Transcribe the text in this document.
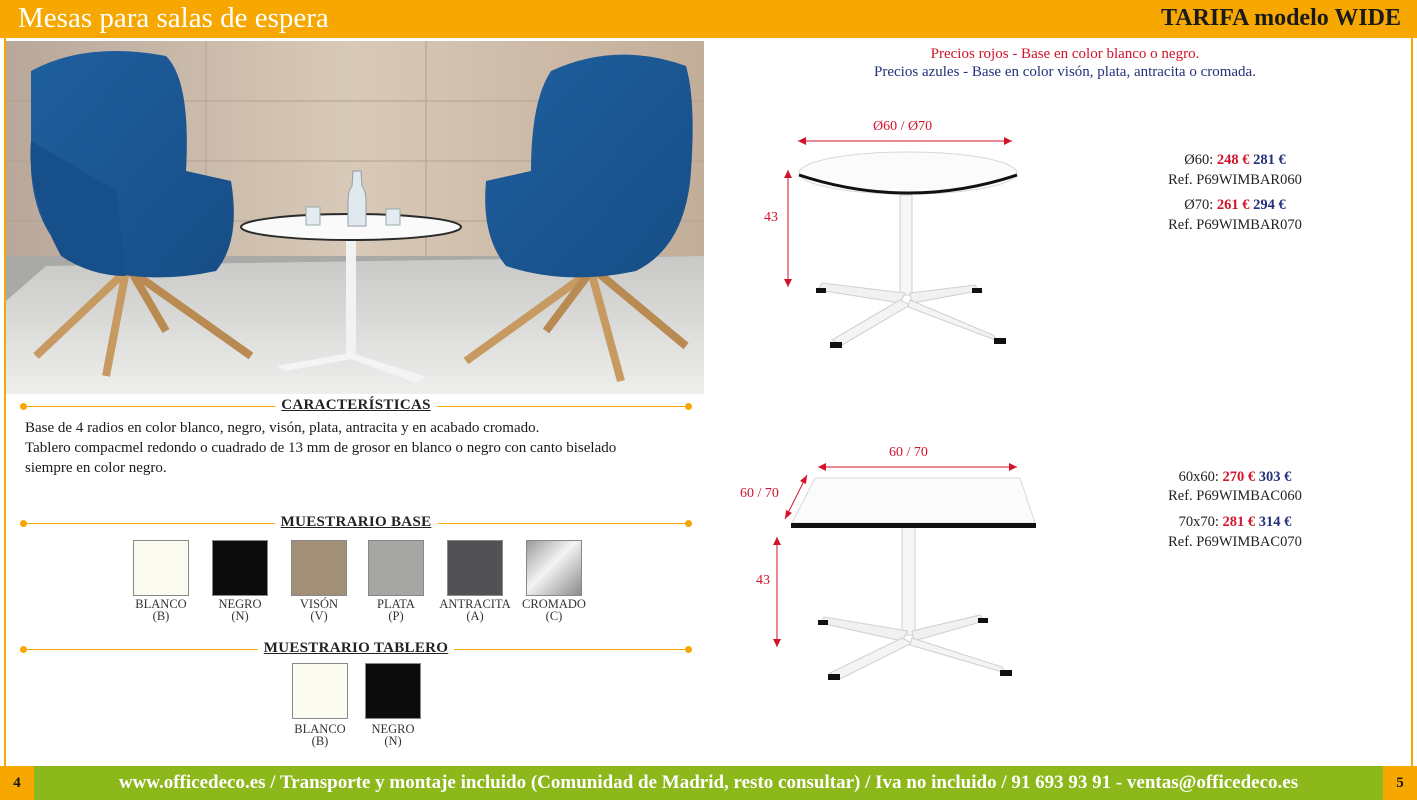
Mesas para salas de espera	TARIFA modelo WIDE
CARACTERÍSTICAS
Base de 4 radios en color blanco, negro, visón, plata, antracita y en acabado cromado.
Tablero compacmel redondo o cuadrado de 13 mm de grosor en blanco o negro con canto biselado
siempre en color negro.
MUESTRARIO BASE
BLANCO
(B)
NEGRO
(N)
VISÓN
(V)
PLATA
(P)
ANTRACITA
(A)
CROMADO
(C)
MUESTRARIO TABLERO
BLANCO
(B)
NEGRO
(N)
Precios rojos - Base en color blanco o negro.
Precios azules - Base en color visón, plata, antracita o cromada.
Ø60 / Ø70
43
Ø60: 248 € 281 €
Ref. P69WIMBAR060
Ø70: 261 € 294 €
Ref. P69WIMBAR070
60 / 70
60 / 70
43
60x60: 270 € 303 €
Ref. P69WIMBAC060
70x70: 281 € 314 €
Ref. P69WIMBAC070
4	5
www.officedeco.es / Transporte y montaje incluido (Comunidad de Madrid, resto consultar) / Iva no incluido / 91 693 93 91 - ventas@officedeco.es
